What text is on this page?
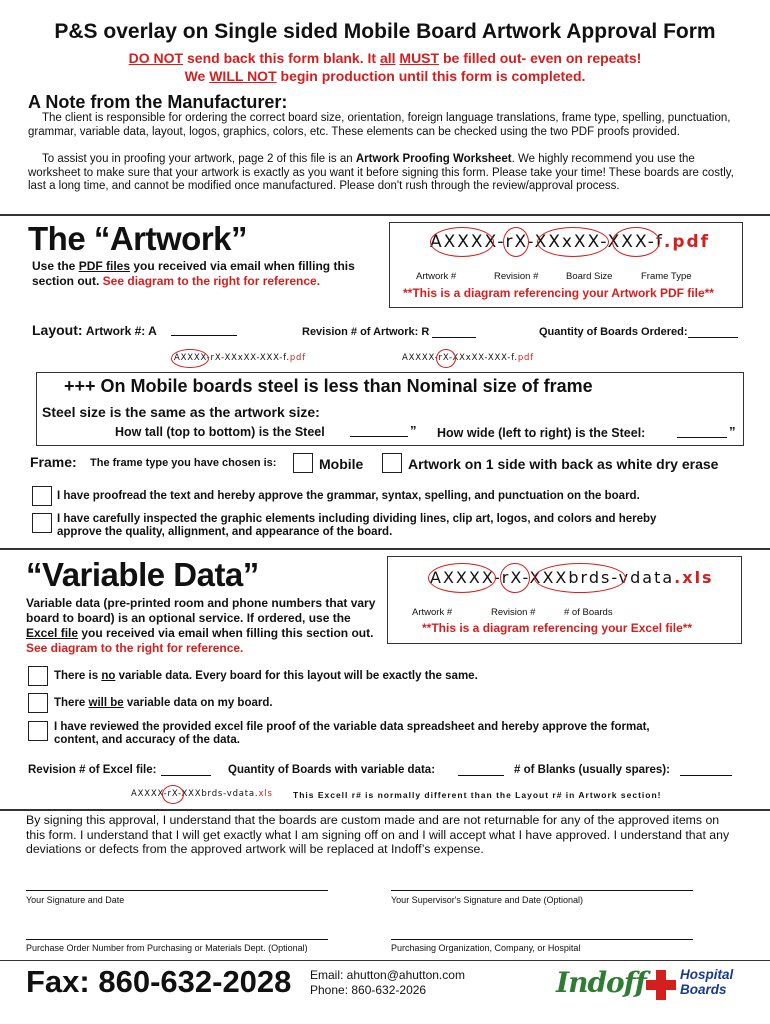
P&S overlay on Single sided Mobile Board Artwork Approval Form
DO NOT send back this form blank. It all MUST be filled out- even on repeats!
We WILL NOT begin production until this form is completed.
A Note from the Manufacturer:
The client is responsible for ordering the correct board size, orientation, foreign language translations, frame type, spelling, punctuation, grammar, variable data, layout, logos, graphics, colors, etc. These elements can be checked using the two PDF proofs provided.
To assist you in proofing your artwork, page 2 of this file is an Artwork Proofing Worksheet. We highly recommend you use the worksheet to make sure that your artwork is exactly as you want it before signing this form. Please take your time! These boards are costly, last a long time, and cannot be modified once manufactured. Please don't rush through the review/approval process.
The “Artwork”
Use the PDF files you received via email when filling this section out. See diagram to the right for reference.
AXXXX-rX-XXxXX-XXX-f.pdf
Artwork #	Revision #	Board Size	Frame Type
**This is a diagram referencing your Artwork PDF file**
Layout: Artwork #: A	Revision # of Artwork: R	Quantity of Boards Ordered:
AXXXX-rX-XXxXX-XXX-f.pdf	AXXXX-rX-XXxXX-XXX-f.pdf
+++ On Mobile boards steel is less than Nominal size of frame
Steel size is the same as the artwork size:
How tall (top to bottom) is the Steel	” How wide (left to right) is the Steel:	”
Frame: The frame type you have chosen is:	Mobile	Artwork on 1 side with back as white dry erase
I have proofread the text and hereby approve the grammar, syntax, spelling, and punctuation on the board.
I have carefully inspected the graphic elements including dividing lines, clip art, logos, and colors and hereby approve the quality, allignment, and appearance of the board.
“Variable Data”
Variable data (pre-printed room and phone numbers that vary board to board) is an optional service. If ordered, use the Excel file you received via email when filling this section out. See diagram to the right for reference.
AXXXX-rX-XXXbrds-vdata.xls
Artwork #	Revision #	# of Boards
**This is a diagram referencing your Excel file**
There is no variable data. Every board for this layout will be exactly the same.
There will be variable data on my board.
I have reviewed the provided excel file proof of the variable data spreadsheet and hereby approve the format, content, and accuracy of the data.
Revision # of Excel file:	Quantity of Boards with variable data:	# of Blanks (usually spares):
AXXXX-rX-XXXbrds-vdata.xls This Excell r# is normally different than the Layout r# in Artwork section!
By signing this approval, I understand that the boards are custom made and are not returnable for any of the approved items on this form. I understand that I will get exactly what I am signing off on and I will accept what I have approved. I understand that any deviations or defects from the approved artwork will be replaced at Indoff’s expense.
Your Signature and Date	Your Supervisor's Signature and Date (Optional)
Purchase Order Number from Purchasing or Materials Dept. (Optional)	Purchasing Organization, Company, or Hospital
Fax: 860-632-2028 Email: ahutton@ahutton.com
Phone: 860-632-2026	Indoff	Hospital
Boards
